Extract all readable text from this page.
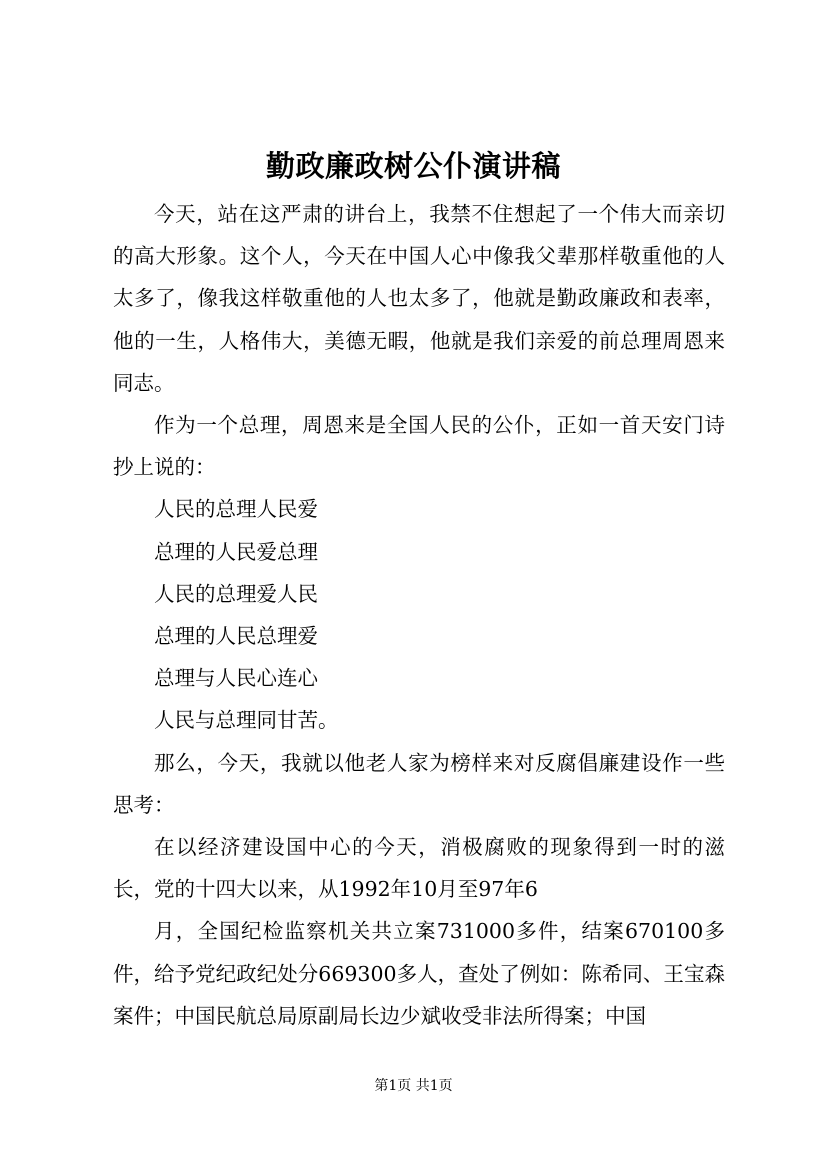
勤政廉政树公仆演讲稿

今天，站在这严肃的讲台上，我禁不住想起了一个伟大而亲切的高大形象。这个人，今天在中国人心中像我父辈那样敬重他的人太多了，像我这样敬重他的人也太多了，他就是勤政廉政和表率，他的一生，人格伟大，美德无暇，他就是我们亲爱的前总理周恩来同志。

作为一个总理，周恩来是全国人民的公仆，正如一首天安门诗抄上说的：

人民的总理人民爱

总理的人民爱总理

人民的总理爱人民

总理的人民总理爱

总理与人民心连心

人民与总理同甘苦。

那么，今天，我就以他老人家为榜样来对反腐倡廉建设作一些思考：

在以经济建设国中心的今天，消极腐败的现象得到一时的滋长，党的十四大以来，从1992年10月至97年6

月，全国纪检监察机关共立案731000多件，结案670100多件，给予党纪政纪处分669300多人，查处了例如：陈希同、王宝森案件；中国民航总局原副局长边少斌收受非法所得案；中国

第1页 共1页
